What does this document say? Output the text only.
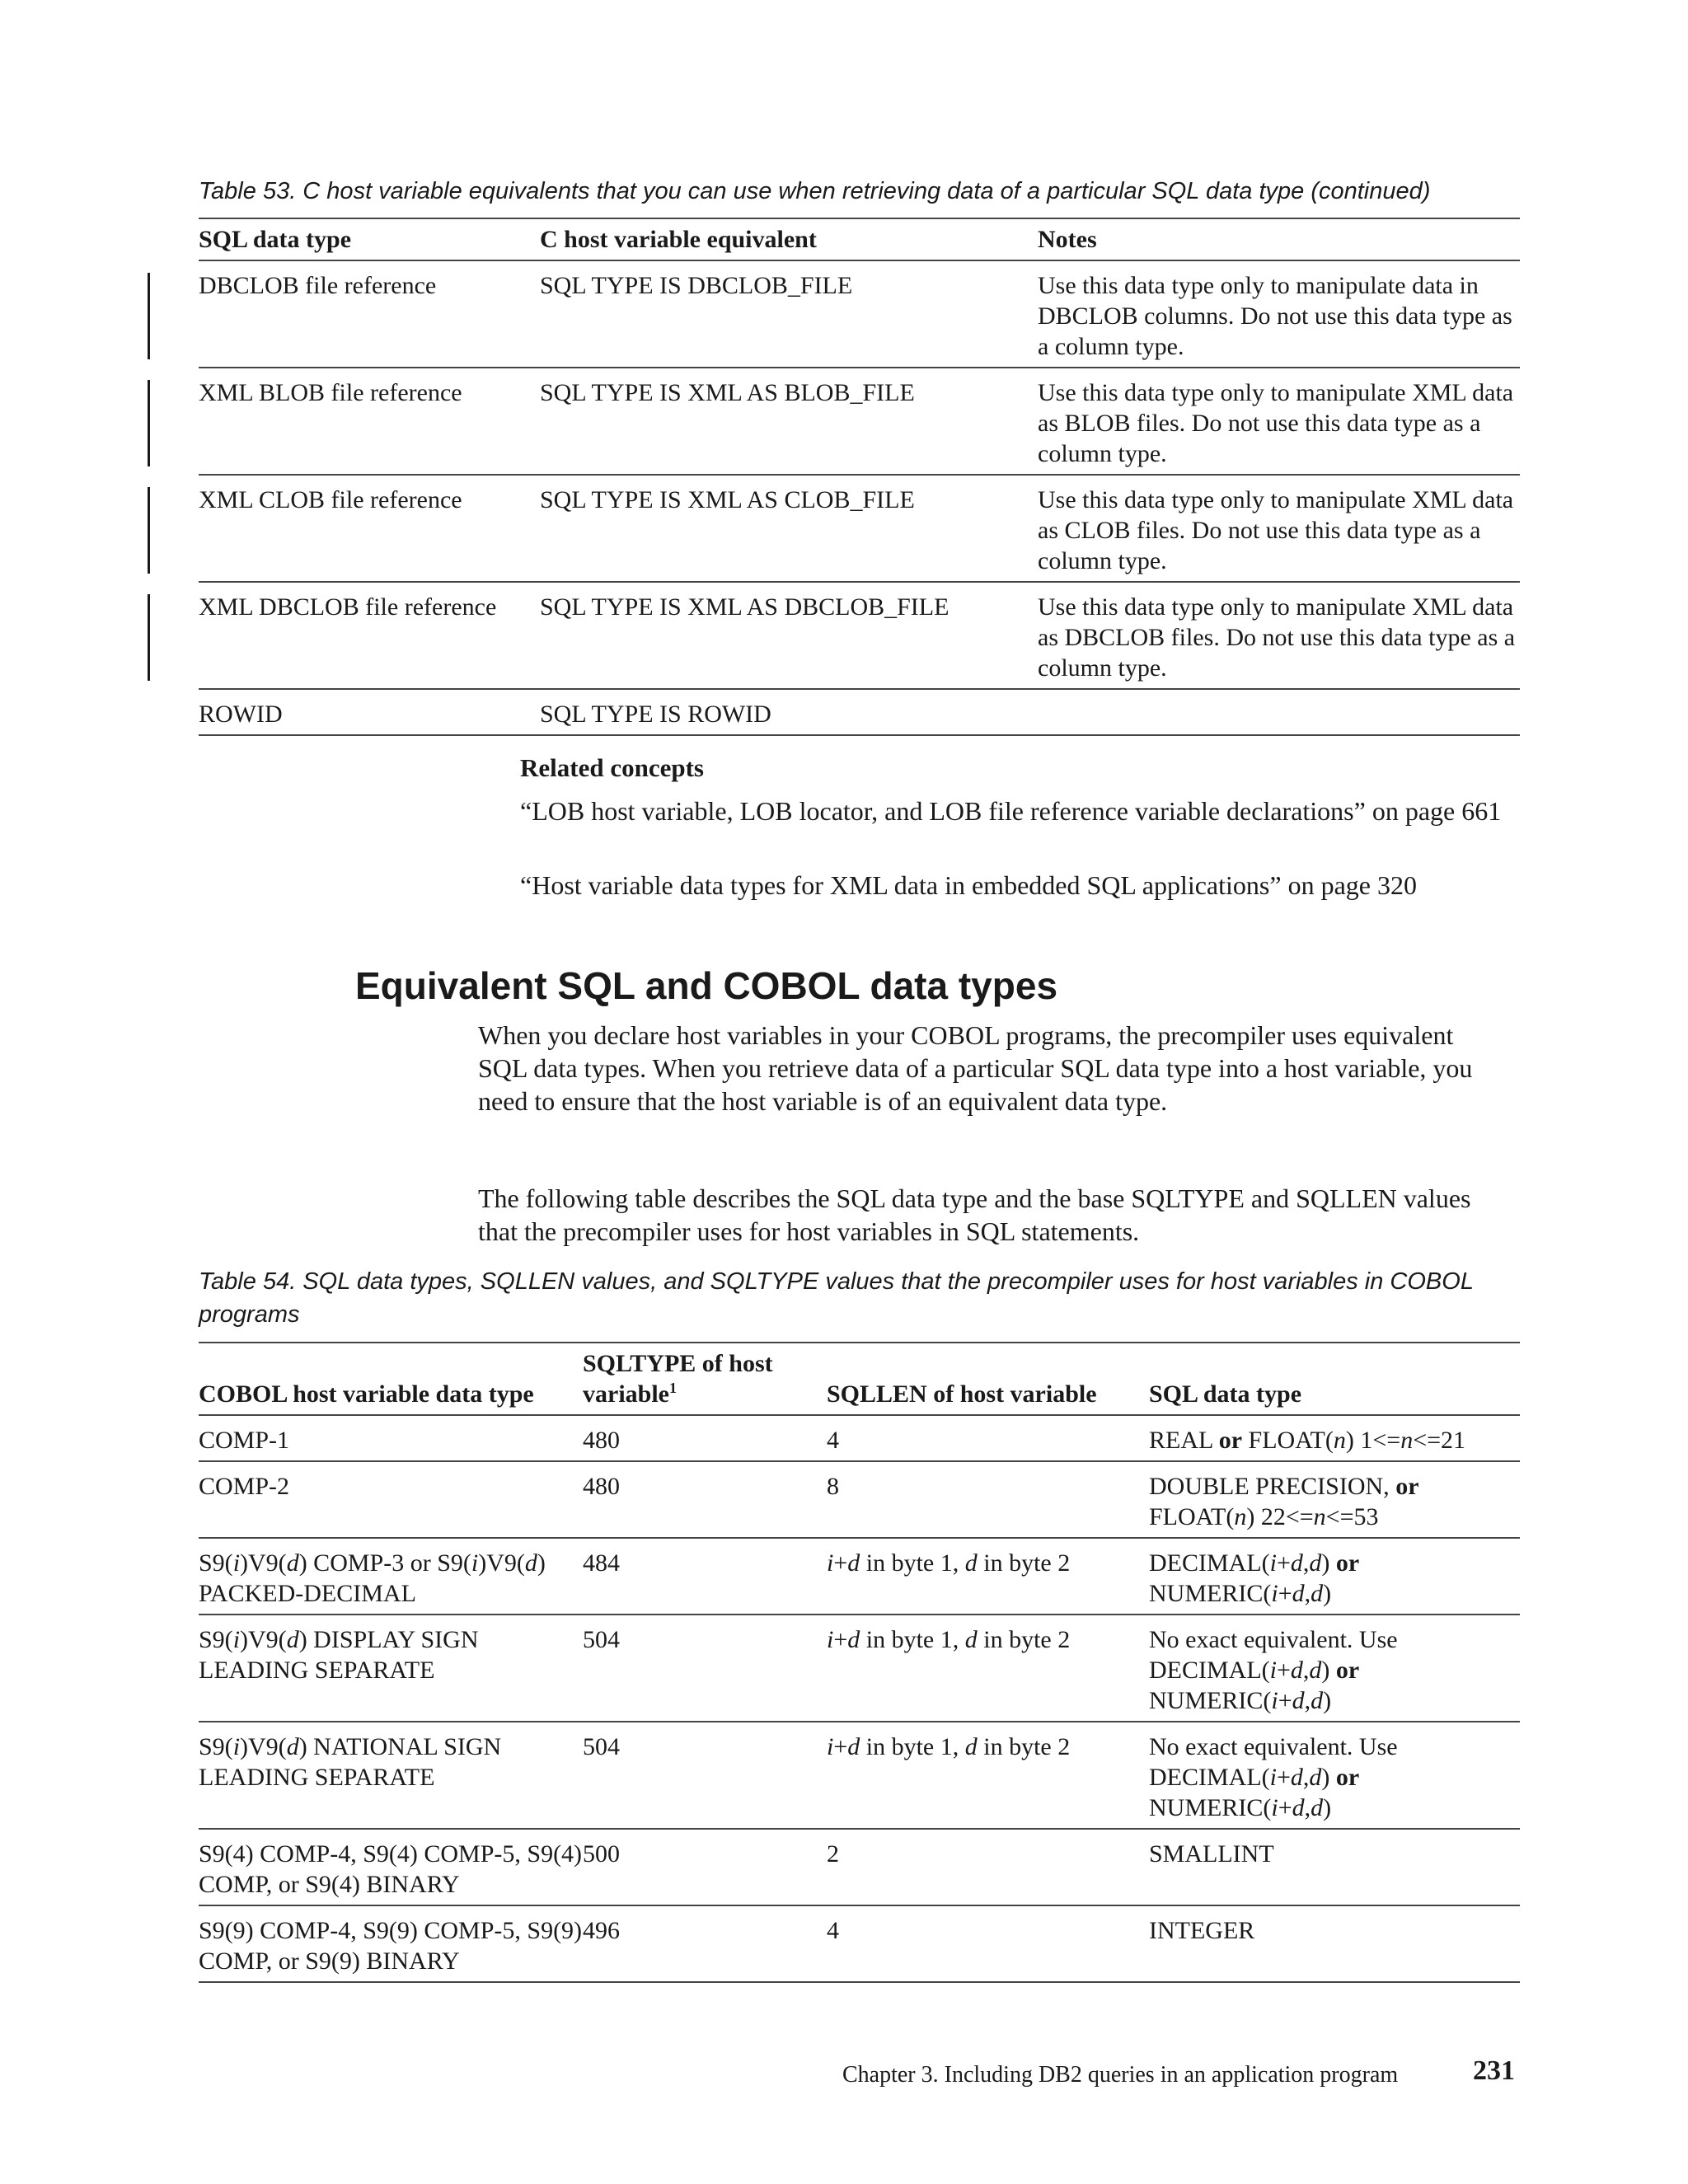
Table 53. C host variable equivalents that you can use when retrieving data of a particular SQL data type (continued)
SQL data type	C host variable equivalent	Notes

DBCLOB file reference	SQL TYPE IS DBCLOB_FILE	Use this data type only to manipulate data in DBCLOB columns. Do not use this data type as a column type.

XML BLOB file reference	SQL TYPE IS XML AS BLOB_FILE	Use this data type only to manipulate XML data as BLOB files. Do not use this data type as a column type.

XML CLOB file reference	SQL TYPE IS XML AS CLOB_FILE	Use this data type only to manipulate XML data as CLOB files. Do not use this data type as a column type.

XML DBCLOB file reference	SQL TYPE IS XML AS DBCLOB_FILE	Use this data type only to manipulate XML data as DBCLOB files. Do not use this data type as a column type.
ROWID	SQL TYPE IS ROWID	
Related concepts
“LOB host variable, LOB locator, and LOB file reference variable declarations” on page 661
“Host variable data types for XML data in embedded SQL applications” on page 320
Equivalent SQL and COBOL data types
When you declare host variables in your COBOL programs, the precompiler uses equivalent SQL data types. When you retrieve data of a particular SQL data type into a host variable, you need to ensure that the host variable is of an equivalent data type.
The following table describes the SQL data type and the base SQLTYPE and SQLLEN values that the precompiler uses for host variables in SQL statements.
Table 54. SQL data types, SQLLEN values, and SQLTYPE values that the precompiler uses for host variables in COBOL programs
COBOL host variable data type	SQLTYPE of host
variable$^1$	SQLLEN of host variable	SQL data type
COMP-1	480	4	REAL or FLOAT(n) 1<=n<=21
COMP-2	480	8	DOUBLE PRECISION, or
FLOAT(n) 22<=n<=53
S9(i)V9(d) COMP-3 or S9(i)V9(d)
PACKED-DECIMAL	484	i+d in byte 1, d in byte 2	DECIMAL(i+d,d) or
NUMERIC(i+d,d)
S9(i)V9(d) DISPLAY SIGN
LEADING SEPARATE	504	i+d in byte 1, d in byte 2	No exact equivalent. Use
DECIMAL(i+d,d) or
NUMERIC(i+d,d)
S9(i)V9(d) NATIONAL SIGN
LEADING SEPARATE	504	i+d in byte 1, d in byte 2	No exact equivalent. Use
DECIMAL(i+d,d) or
NUMERIC(i+d,d)
S9(4) COMP-4, S9(4) COMP-5, S9(4) COMP, or S9(4) BINARY	500	2	SMALLINT
S9(9) COMP-4, S9(9) COMP-5, S9(9) COMP, or S9(9) BINARY	496	4	INTEGER
Chapter 3. Including DB2 queries in an application program	231
